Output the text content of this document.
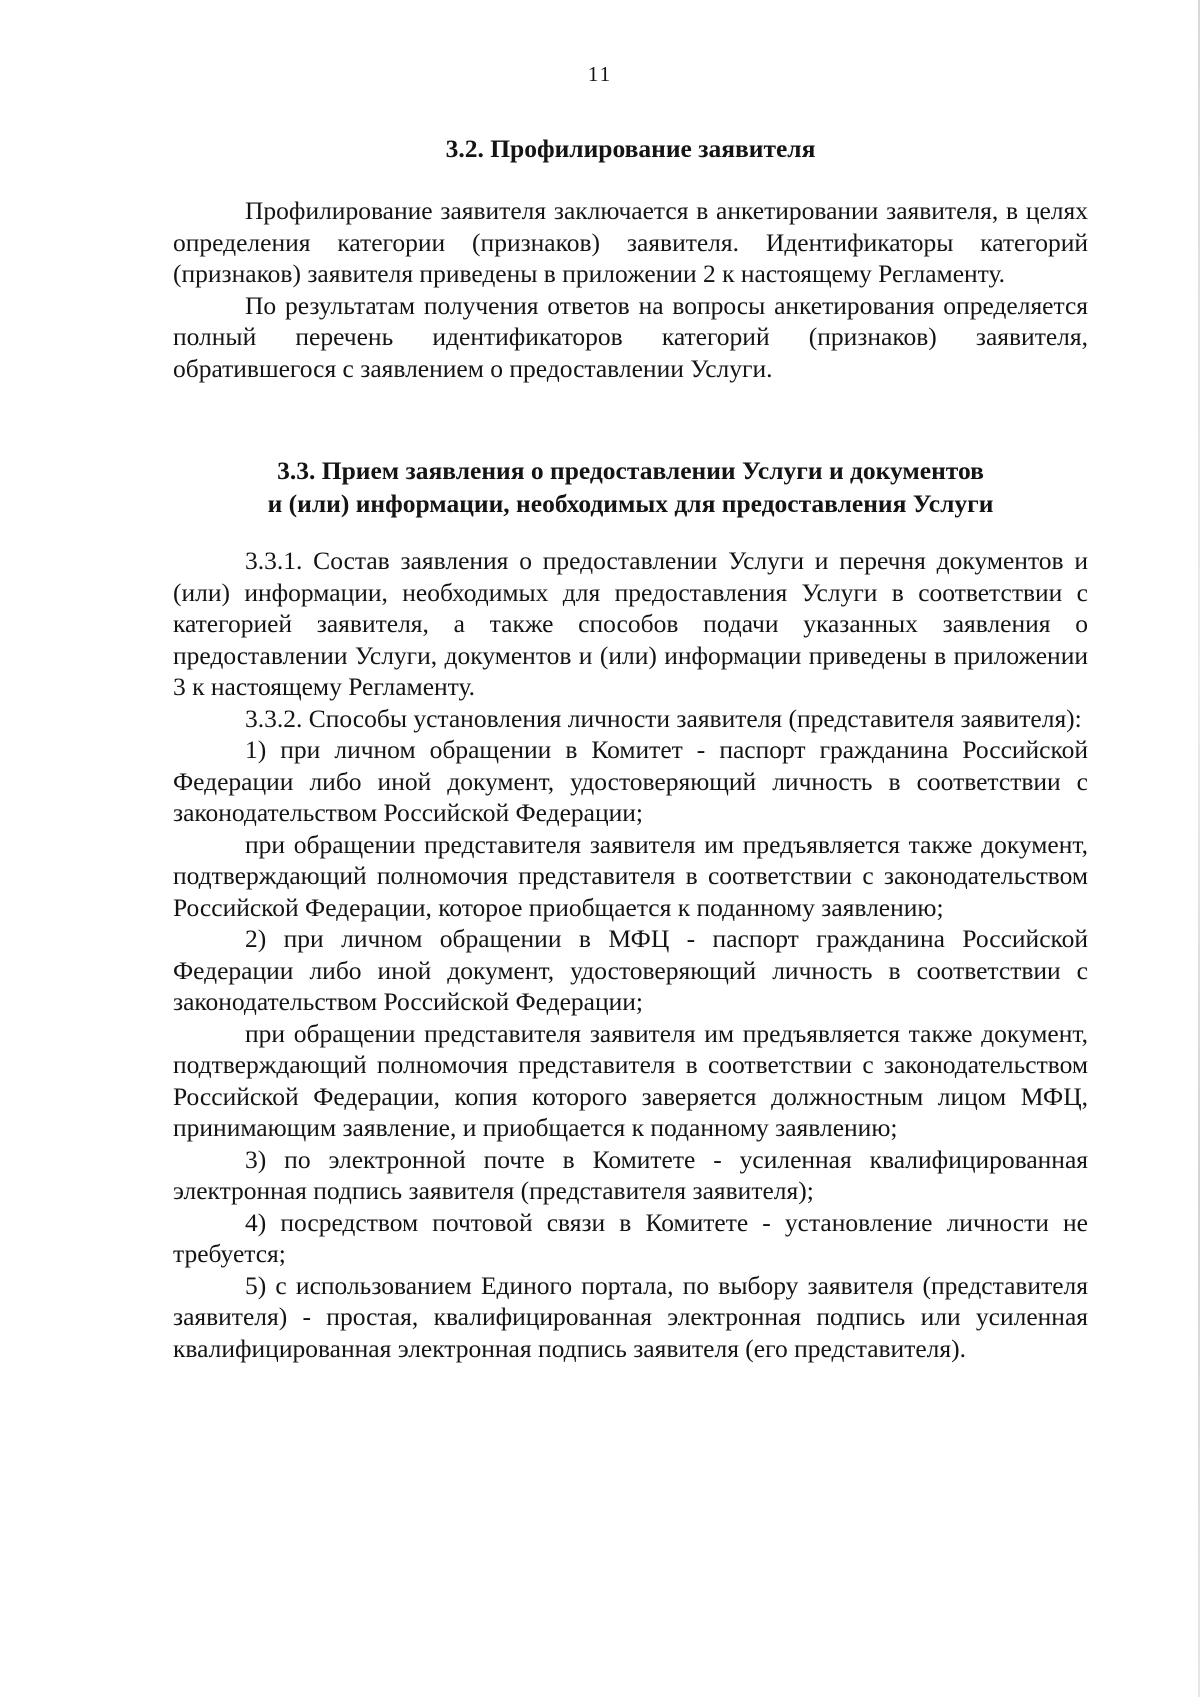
11
3.2. Профилирование заявителя

Профилирование заявителя заключается в анкетировании заявителя, в целях определения категории (признаков) заявителя. Идентификаторы категорий (признаков) заявителя приведены в приложении 2 к настоящему Регламенту.

По результатам получения ответов на вопросы анкетирования определяется полный перечень идентификаторов категорий (признаков) заявителя, обратившегося с заявлением о предоставлении Услуги.

3.3. Прием заявления о предоставлении Услуги и документов
и (или) информации, необходимых для предоставления Услуги

3.3.1. Состав заявления о предоставлении Услуги и перечня документов и (или) информации, необходимых для предоставления Услуги в соответствии с категорией заявителя, а также способов подачи указанных заявления о предоставлении Услуги, документов и (или) информации приведены в приложении 3 к настоящему Регламенту.

3.3.2. Способы установления личности заявителя (представителя заявителя):

1) при личном обращении в Комитет - паспорт гражданина Российской Федерации либо иной документ, удостоверяющий личность в соответствии с законодательством Российской Федерации;

при обращении представителя заявителя им предъявляется также документ, подтверждающий полномочия представителя в соответствии с законодательством Российской Федерации, которое приобщается к поданному заявлению;

2) при личном обращении в МФЦ - паспорт гражданина Российской Федерации либо иной документ, удостоверяющий личность в соответствии с законодательством Российской Федерации;

при обращении представителя заявителя им предъявляется также документ, подтверждающий полномочия представителя в соответствии с законодательством Российской Федерации, копия которого заверяется должностным лицом МФЦ, принимающим заявление, и приобщается к поданному заявлению;

3) по электронной почте в Комитете - усиленная квалифицированная электронная подпись заявителя (представителя заявителя);

4) посредством почтовой связи в Комитете - установление личности не требуется;

5) с использованием Единого портала, по выбору заявителя (представителя заявителя) - простая, квалифицированная электронная подпись или усиленная квалифицированная электронная подпись заявителя (его представителя).
